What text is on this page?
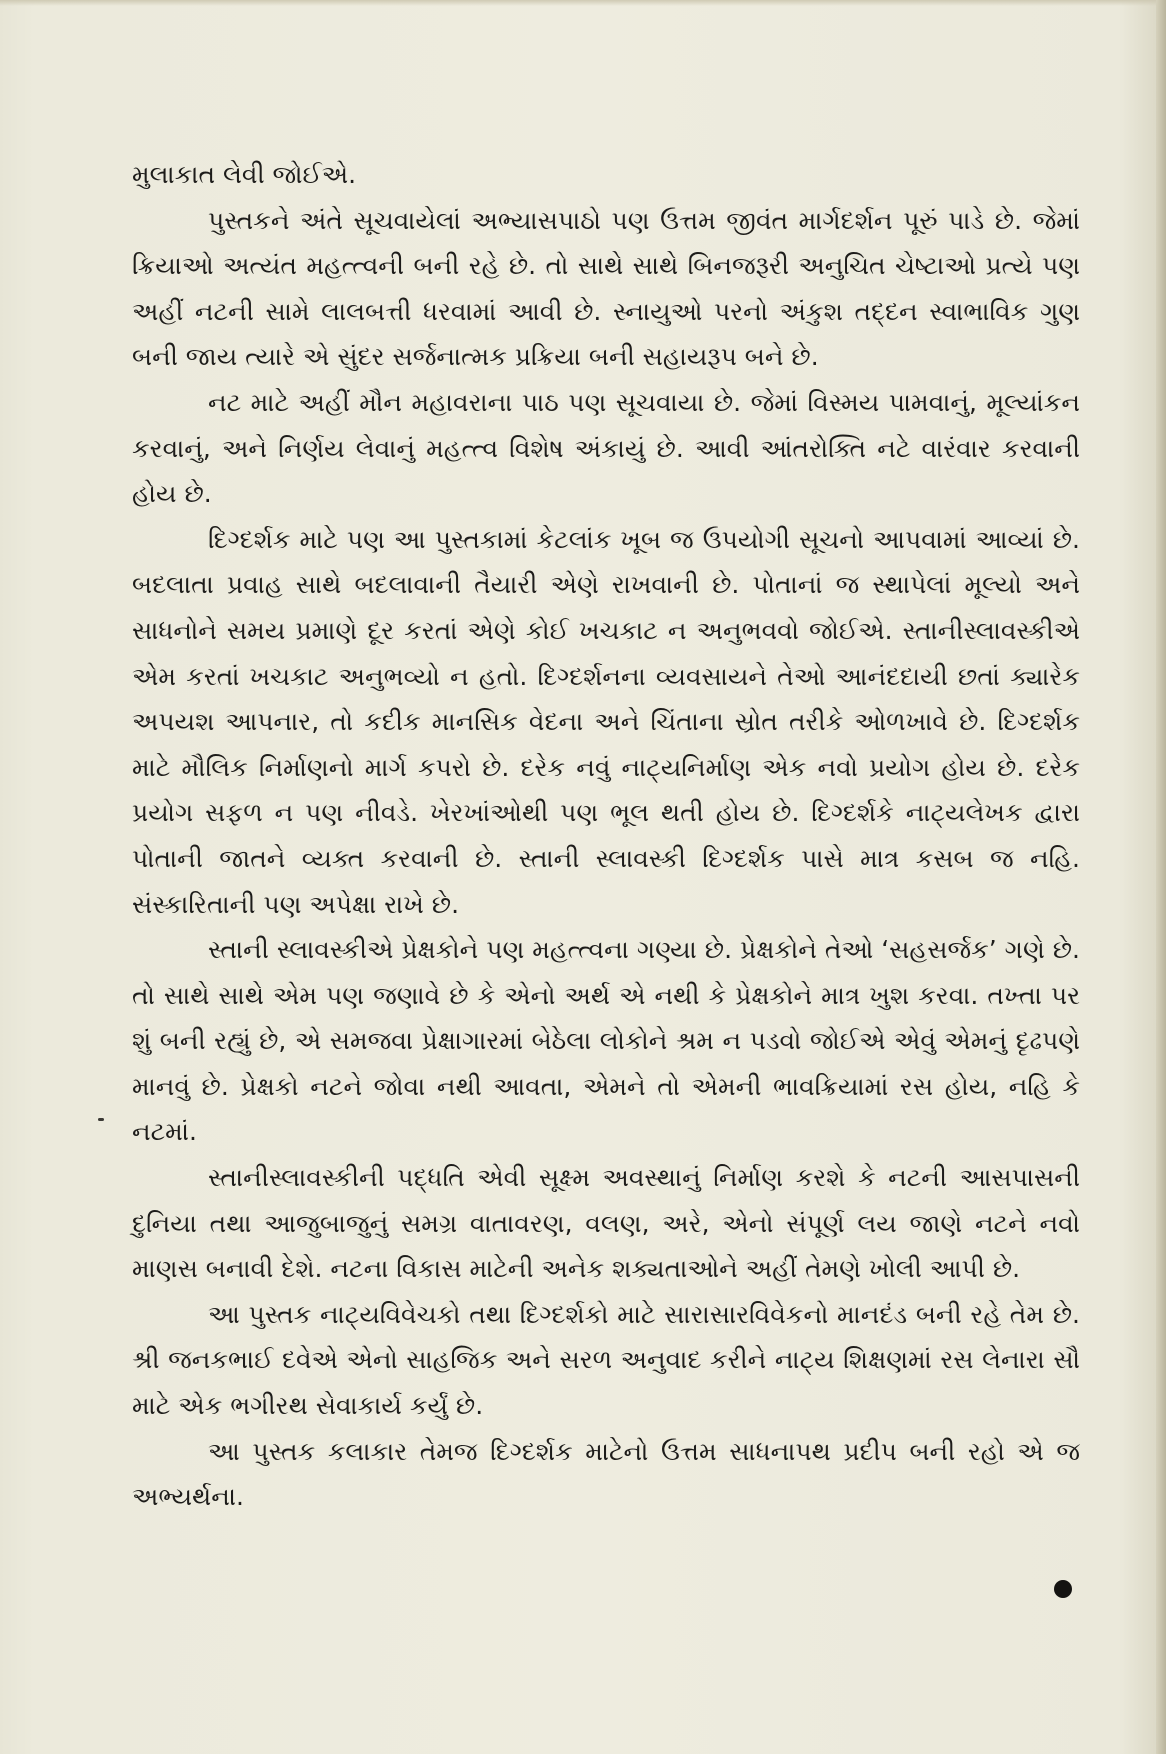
મુલાકાત લેવી જોઈએ.

પુસ્તકને અંતે સૂચવાયેલાં અભ્યાસપાઠો પણ ઉત્તમ જીવંત માર્ગદર્શન પૂરું પાડે છે. જેમાં ક્રિયાઓ અત્યંત મહત્ત્વની બની રહે છે. તો સાથે સાથે બિનજરૂરી અનુચિત ચેષ્ટાઓ પ્રત્યે પણ અહીં નટની સામે લાલબત્તી ધરવામાં આવી છે. સ્નાયુઓ પરનો અંકુશ તદ્દન સ્વાભાવિક ગુણ બની જાય ત્યારે એ સુંદર સર્જનાત્મક પ્રક્રિયા બની સહાયરૂપ બને છે.

નટ માટે અહીં મૌન મહાવરાના પાઠ પણ સૂચવાયા છે. જેમાં વિસ્મય પામવાનું, મૂલ્યાંકન કરવાનું, અને નિર્ણય લેવાનું મહત્ત્વ વિશેષ અંકાયું છે. આવી આંતરોક્તિ નટે વારંવાર કરવાની હોય છે.

દિગ્દર્શક માટે પણ આ પુસ્તકામાં કેટલાંક ખૂબ જ ઉપયોગી સૂચનો આપવામાં આવ્યાં છે. બદલાતા પ્રવાહ સાથે બદલાવાની તૈયારી એણે રાખવાની છે. પોતાનાં જ સ્થાપેલાં મૂલ્યો અને સાધનોને સમય પ્રમાણે દૂર કરતાં એણે કોઈ ખચકાટ ન અનુભવવો જોઈએ. સ્તાનીસ્લાવસ્કીએ એમ કરતાં ખચકાટ અનુભવ્યો ન હતો. દિગ્દર્શનના વ્યવસાયને તેઓ આનંદદાયી છતાં ક્યારેક અપયશ આપનાર, તો કદીક માનસિક વેદના અને ચિંતાના સ્રોત તરીકે ઓળખાવે છે. દિગ્દર્શક માટે મૌલિક નિર્માણનો માર્ગ કપરો છે. દરેક નવું નાટ્યનિર્માણ એક નવો પ્રયોગ હોય છે. દરેક પ્રયોગ સફળ ન પણ નીવડે. ખેરખાંઓથી પણ ભૂલ થતી હોય છે. દિગ્દર્શકે નાટ્યલેખક દ્વારા પોતાની જાતને વ્યક્ત કરવાની છે. સ્તાની સ્લાવસ્કી દિગ્દર્શક પાસે માત્ર કસબ જ નહિ. સંસ્કારિતાની પણ અપેક્ષા રાખે છે.

સ્તાની સ્લાવસ્કીએ પ્રેક્ષકોને પણ મહત્ત્વના ગણ્યા છે. પ્રેક્ષકોને તેઓ ‘સહસર્જક’ ગણે છે. તો સાથે સાથે એમ પણ જણાવે છે કે એનો અર્થ એ નથી કે પ્રેક્ષકોને માત્ર ખુશ કરવા. તખ્તા પર શું બની રહ્યું છે, એ સમજવા પ્રેક્ષાગારમાં બેઠેલા લોકોને શ્રમ ન પડવો જોઈએ એવું એમનું દૃઢપણે માનવું છે. પ્રેક્ષકો નટને જોવા નથી આવતા, એમને તો એમની ભાવક્રિયામાં રસ હોય, નહિ કે નટમાં.

સ્તાનીસ્લાવસ્કીની પદ્ધતિ એવી સૂક્ષ્મ અવસ્થાનું નિર્માણ કરશે કે નટની આસપાસની દુનિયા તથા આજુબાજુનું સમગ્ર વાતાવરણ, વલણ, અરે, એનો સંપૂર્ણ લય જાણે નટને નવો માણસ બનાવી દેશે. નટના વિકાસ માટેની અનેક શક્યતાઓને અહીં તેમણે ખોલી આપી છે.

આ પુસ્તક નાટ્યવિવેચકો તથા દિગ્દર્શકો માટે સારાસારવિવેકનો માનદંડ બની રહે તેમ છે. શ્રી જનકભાઈ દવેએ એનો સાહજિક અને સરળ અનુવાદ કરીને નાટ્ય શિક્ષણમાં રસ લેનારા સૌ માટે એક ભગીરથ સેવાકાર્ય કર્યું છે.

આ પુસ્તક કલાકાર તેમજ દિગ્દર્શક માટેનો ઉત્તમ સાધનાપથ પ્રદીપ બની રહો એ જ અભ્યર્થના.
